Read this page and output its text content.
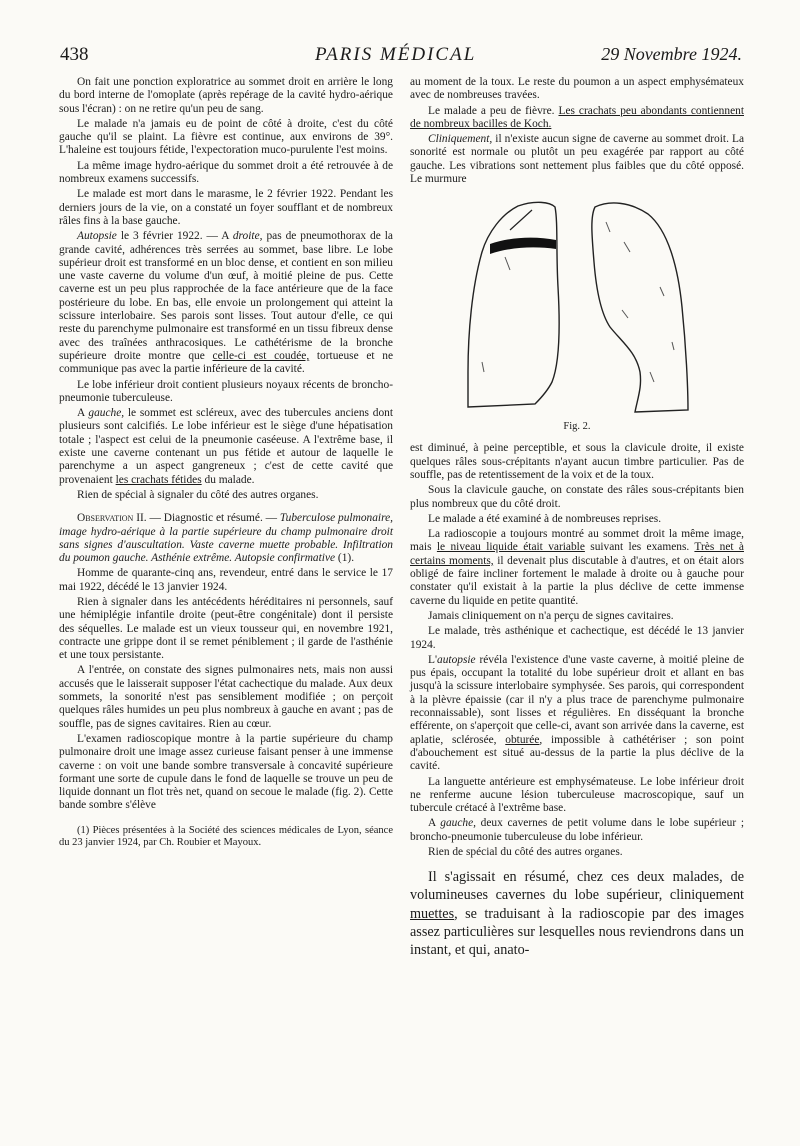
438	PARIS MÉDICAL	29 Novembre 1924.

On fait une ponction exploratrice au sommet droit en arrière le long du bord interne de l'omoplate (après repérage de la cavité hydro-aérique sous l'écran) : on ne retire qu'un peu de sang.

Le malade n'a jamais eu de point de côté à droite, c'est du côté gauche qu'il se plaint. La fièvre est continue, aux environs de 39°. L'haleine est toujours fétide, l'expectoration muco-purulente l'est moins.

La même image hydro-aérique du sommet droit a été retrouvée à de nombreux examens successifs.

Le malade est mort dans le marasme, le 2 février 1922. Pendant les derniers jours de la vie, on a constaté un foyer soufflant et de nombreux râles fins à la base gauche.

Autopsie le 3 février 1922. — A droite, pas de pneumothorax de la grande cavité, adhérences très serrées au sommet, base libre. Le lobe supérieur droit est transformé en un bloc dense, et contient en son milieu une vaste caverne du volume d'un œuf, à moitié pleine de pus. Cette caverne est un peu plus rapprochée de la face antérieure que de la face postérieure du lobe. En bas, elle envoie un prolongement qui atteint la scissure interlobaire. Ses parois sont lisses. Tout autour d'elle, ce qui reste du parenchyme pulmonaire est transformé en un tissu fibreux dense avec des traînées anthracosiques. Le cathétérisme de la bronche supérieure droite montre que celle-ci est coudée, tortueuse et ne communique pas avec la partie inférieure de la cavité.

Le lobe inférieur droit contient plusieurs noyaux récents de broncho-pneumonie tuberculeuse.

A gauche, le sommet est scléreux, avec des tubercules anciens dont plusieurs sont calcifiés. Le lobe inférieur est le siège d'une hépatisation totale ; l'aspect est celui de la pneumonie caséeuse. A l'extrême base, il existe une caverne contenant un pus fétide et autour de laquelle le parenchyme a un aspect gangreneux ; c'est de cette cavité que provenaient les crachats fétides du malade.

Rien de spécial à signaler du côté des autres organes.

Observation II. — Diagnostic et résumé. — Tuberculose pulmonaire, image hydro-aérique à la partie supérieure du champ pulmonaire droit sans signes d'auscultation. Vaste caverne muette probable. Infiltration du poumon gauche. Asthénie extrême. Autopsie confirmative (1).

Homme de quarante-cinq ans, revendeur, entré dans le service le 17 mai 1922, décédé le 13 janvier 1924.

Rien à signaler dans les antécédents héréditaires ni personnels, sauf une hémiplégie infantile droite (peut-être congénitale) dont il persiste des séquelles. Le malade est un vieux tousseur qui, en novembre 1921, contracte une grippe dont il se remet péniblement ; il garde de l'asthénie et une toux persistante.

A l'entrée, on constate des signes pulmonaires nets, mais non aussi accusés que le laisserait supposer l'état cachectique du malade. Aux deux sommets, la sonorité n'est pas sensiblement modifiée ; on perçoit quelques râles humides un peu plus nombreux à gauche en avant ; pas de souffle, pas de signes cavitaires. Rien au cœur.

L'examen radioscopique montre à la partie supérieure du champ pulmonaire droit une image assez curieuse faisant penser à une immense caverne : on voit une bande sombre transversale à concavité supérieure formant une sorte de cupule dans le fond de laquelle se trouve un peu de liquide donnant un flot très net, quand on secoue le malade (fig. 2). Cette bande sombre s'élève

(1) Pièces présentées à la Société des sciences médicales de Lyon, séance du 23 janvier 1924, par Ch. Roubier et Mayoux.

au moment de la toux. Le reste du poumon a un aspect emphysémateux avec de nombreuses travées.

Le malade a peu de fièvre. Les crachats peu abondants contiennent de nombreux bacilles de Koch.

Cliniquement, il n'existe aucun signe de caverne au sommet droit. La sonorité est normale ou plutôt un peu exagérée par rapport au côté gauche. Les vibrations sont nettement plus faibles que du côté opposé. Le murmure

Fig. 2.

est diminué, à peine perceptible, et sous la clavicule droite, il existe quelques râles sous-crépitants n'ayant aucun timbre particulier. Pas de souffle, pas de retentissement de la voix et de la toux.

Sous la clavicule gauche, on constate des râles sous-crépitants bien plus nombreux que du côté droit.

Le malade a été examiné à de nombreuses reprises.

La radioscopie a toujours montré au sommet droit la même image, mais le niveau liquide était variable suivant les examens. Très net à certains moments, il devenait plus discutable à d'autres, et on était alors obligé de faire incliner fortement le malade à droite ou à gauche pour constater qu'il existait à la partie la plus déclive de cette immense caverne du liquide en petite quantité.

Jamais cliniquement on n'a perçu de signes cavitaires.

Le malade, très asthénique et cachectique, est décédé le 13 janvier 1924.

L'autopsie révéla l'existence d'une vaste caverne, à moitié pleine de pus épais, occupant la totalité du lobe supérieur droit et allant en bas jusqu'à la scissure interlobaire symphysée. Ses parois, qui correspondent à la plèvre épaissie (car il n'y a plus trace de parenchyme pulmonaire reconnaissable), sont lisses et régulières. En disséquant la bronche efférente, on s'aperçoit que celle-ci, avant son arrivée dans la caverne, est aplatie, sclérosée, obturée, impossible à cathétériser ; son point d'abouchement est situé au-dessus de la partie la plus déclive de la cavité.

La languette antérieure est emphysémateuse. Le lobe inférieur droit ne renferme aucune lésion tuberculeuse macroscopique, sauf un tubercule crétacé à l'extrême base.

A gauche, deux cavernes de petit volume dans le lobe supérieur ; broncho-pneumonie tuberculeuse du lobe inférieur.

Rien de spécial du côté des autres organes.

Il s'agissait en résumé, chez ces deux malades, de volumineuses cavernes du lobe supérieur, cliniquement muettes, se traduisant à la radioscopie par des images assez particulières sur lesquelles nous reviendrons dans un instant, et qui, anato-
